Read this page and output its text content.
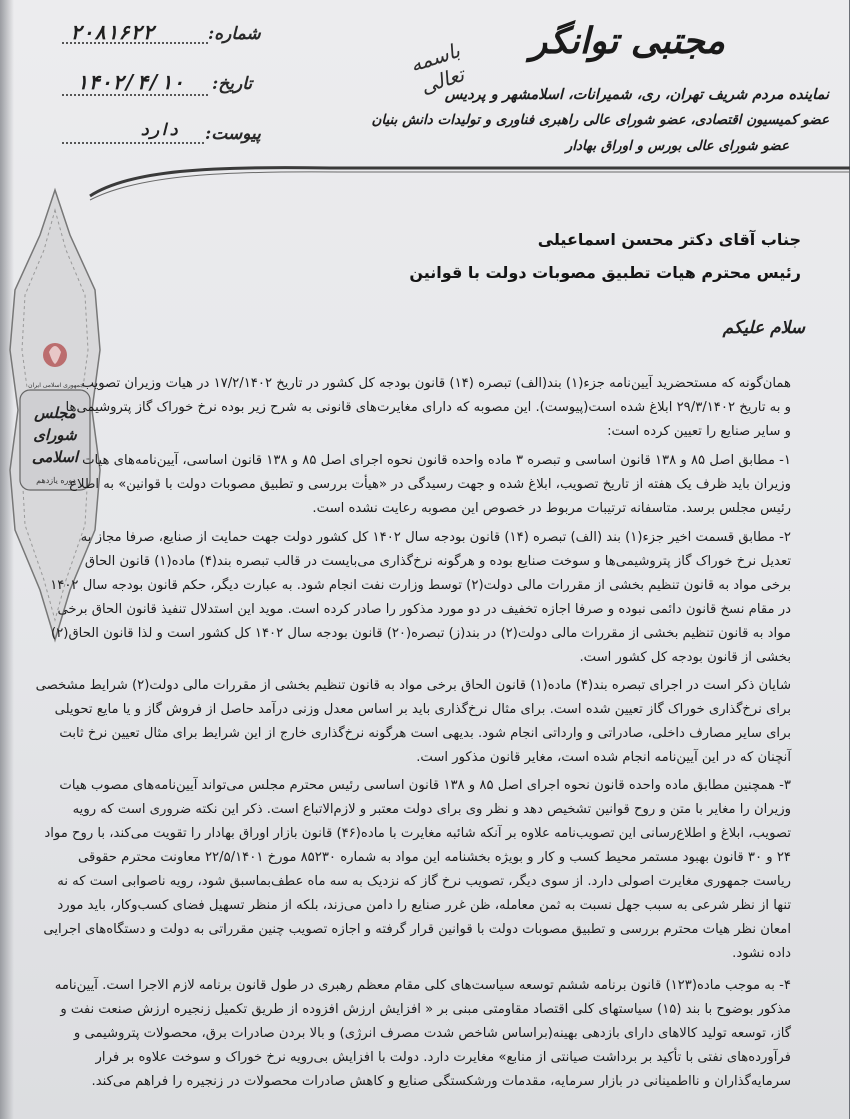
شماره:
۲۰۸۱۶۲۲
تاریخ:
۱۴۰۲/۴/۱۰
پیوست:
دارد
باسمه تعالی
مجتبی توانگر
نماینده مردم شریف تهران، ری، شمیرانات، اسلامشهر و پردیس
عضو کمیسیون اقتصادی، عضو شورای عالی راهبری فناوری و تولیدات دانش بنیان
عضو شورای عالی بورس و اوراق بهادار
جمهوری اسلامی ایران
مجلس شورای اسلامی
دوره یازدهم
جناب آقای دکتر محسن اسماعیلی
رئیس محترم هیات تطبیق مصوبات دولت با قوانین
سلام علیکم
همان‌گونه که مستحضرید آیین‌نامه جزء(۱) بند(الف) تبصره (۱۴) قانون بودجه کل کشور در تاریخ ۱۷/۲/۱۴۰۲ در هیات وزیران تصویب
و به تاریخ ۲۹/۳/۱۴۰۲ ابلاغ شده است(پیوست). این مصوبه که دارای مغایرت‌های قانونی به شرح زیر بوده نرخ خوراک گاز پتروشیمی‌ها
و سایر صنایع را تعیین کرده است:
۱- مطابق اصل ۸۵ و ۱۳۸ قانون اساسی و تبصره ۳ ماده واحده قانون نحوه اجرای اصل ۸۵ و ۱۳۸ قانون اساسی، آیین‌نامه‌های هیات
وزیران باید ظرف یک هفته از تاریخ تصویب، ابلاغ شده و جهت رسیدگی در «هیأت بررسی و تطبیق مصوبات دولت با قوانین» به اطلاع
رئیس مجلس برسد. متاسفانه ترتیبات مربوط در خصوص این مصوبه رعایت نشده است.
۲- مطابق قسمت اخیر جزء(۱) بند (الف) تبصره (۱۴) قانون بودجه سال ۱۴۰۲ کل کشور دولت جهت حمایت از صنایع، صرفا مجاز به
تعدیل نرخ خوراک گاز پتروشیمی‌ها و سوخت صنایع بوده و هرگونه نرخ‌گذاری می‌بایست در قالب تبصره بند(۴) ماده(۱) قانون الحاق
برخی مواد به قانون تنظیم بخشی از مقررات مالی دولت(۲) توسط وزارت نفت انجام شود. به عبارت دیگر، حکم قانون بودجه سال ۱۴۰۲
در مقام نسخ قانون دائمی نبوده و صرفا اجازه تخفیف در دو مورد مذکور را صادر کرده است. موید این استدلال تنفیذ قانون الحاق برخی
مواد به قانون تنظیم بخشی از مقررات مالی دولت(۲) در بند(ز) تبصره(۲۰) قانون بودجه سال ۱۴۰۲ کل کشور است و لذا قانون الحاق(۲)
بخشی از قانون بودجه کل کشور است.
شایان ذکر است در اجرای تبصره بند(۴) ماده(۱) قانون الحاق برخی مواد به قانون تنظیم بخشی از مقررات مالی دولت(۲) شرایط مشخصی
برای نرخ‌گذاری خوراک گاز تعیین شده است. برای مثال نرخ‌گذاری باید بر اساس معدل وزنی درآمد حاصل از فروش گاز و یا مایع تحویلی
برای سایر مصارف داخلی، صادراتی و وارداتی انجام شود. بدیهی است هرگونه نرخ‌گذاری خارج از این شرایط برای مثال تعیین نرخ ثابت
آنچنان که در این آیین‌نامه انجام شده است، مغایر قانون مذکور است.
۳- همچنین مطابق ماده واحده قانون نحوه اجرای اصل ۸۵ و ۱۳۸ قانون اساسی رئیس محترم مجلس می‌تواند آیین‌نامه‌های مصوب هیات
وزیران را مغایر با متن و روح قوانین تشخیص دهد و نظر وی برای دولت معتبر و لازم‌الاتباع است. ذکر این نکته ضروری است که رویه
تصویب، ابلاغ و اطلاع‌رسانی این تصویب‌نامه علاوه بر آنکه شائبه مغایرت با ماده(۴۶) قانون بازار اوراق بهادار را تقویت می‌کند، با روح مواد
۲۴ و ۳۰ قانون بهبود مستمر محیط کسب و کار و بویژه بخشنامه این مواد به شماره ۸۵۲۳۰ مورخ ۲۲/۵/۱۴۰۱ معاونت محترم حقوقی
ریاست جمهوری مغایرت اصولی دارد. از سوی دیگر، تصویب نرخ گاز که نزدیک به سه ماه عطف‌بماسبق شود، رویه ناصوابی است که نه
تنها از نظر شرعی به سبب جهل نسبت به ثمن معامله، ظن غرر صنایع را دامن می‌زند، بلکه از منظر تسهیل فضای کسب‌وکار، باید مورد
امعان نظر هیات محترم بررسی و تطبیق مصوبات دولت با قوانین قرار گرفته و اجازه تصویب چنین مقرراتی به دولت و دستگاه‌های اجرایی
داده نشود.
۴- به موجب ماده(۱۲۳) قانون برنامه ششم توسعه سیاست‌های کلی مقام معظم رهبری در طول قانون برنامه لازم الاجرا است. آیین‌نامه
مذکور بوضوح با بند (۱۵) سیاستهای کلی اقتصاد مقاومتی مبنی بر « افزایش ارزش افزوده از طریق تکمیل زنجیره ارزش صنعت نفت و
گاز، توسعه تولید کالاهای دارای بازدهی بهینه(براساس شاخص شدت مصرف انرژی) و بالا بردن صادرات برق، محصولات پتروشیمی و
فرآورده‌های نفتی با تأکید بر برداشت صیانتی از منابع» مغایرت دارد. دولت با افزایش بی‌رویه نرخ خوراک و سوخت علاوه بر فرار
سرمایه‌گذاران و نااطمینانی در بازار سرمایه، مقدمات ورشکستگی صنایع و کاهش صادرات محصولات در زنجیره را فراهم می‌کند.
